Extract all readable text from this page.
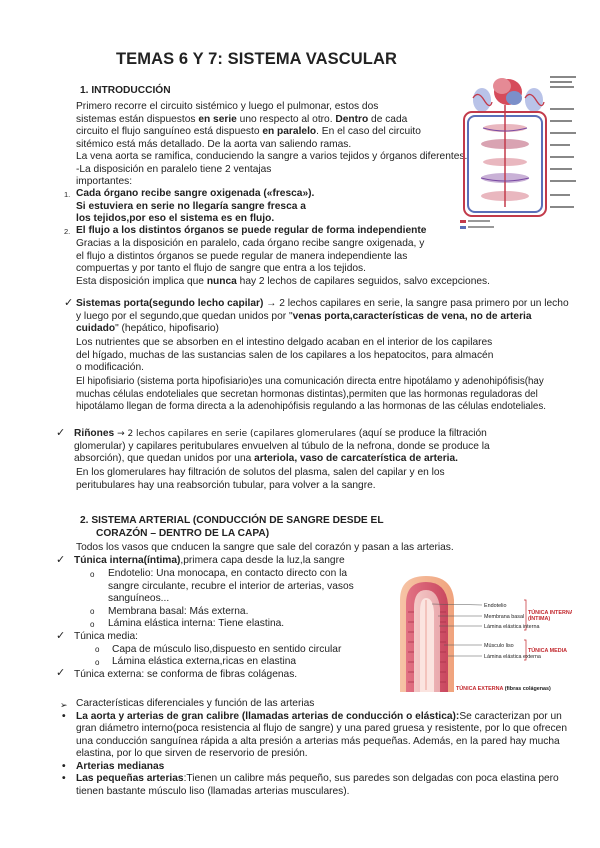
TEMAS 6 Y 7: SISTEMA VASCULAR
1. INTRODUCCIÓN
Primero recorre el circuito sistémico y luego el pulmonar, estos dos
sistemas están dispuestos en serie uno respecto al otro. Dentro de cada
circuito el flujo sanguíneo está dispuesto en paralelo. En el caso del circuito
sitémico está más detallado. De la aorta van saliendo ramas.
La vena aorta se ramifica, conduciendo la sangre a varios tejidos y órganos diferentes.
-La disposición en paralelo tiene 2 ventajas
importantes:
1. Cada órgano recibe sangre oxigenada («fresca»).
Si estuviera en serie no llegaría sangre fresca a
los tejidos,por eso el sistema es en flujo.
2. El flujo a los distintos órganos se puede regular de forma independiente
Gracias a la disposición en paralelo, cada órgano recibe sangre oxigenada, y
el flujo a distintos órganos se puede regular de manera independiente las
compuertas y por tanto el flujo de sangre que entra a los tejidos.
Esta disposición implica que nunca hay 2 lechos de capilares seguidos, salvo excepciones.
✓ Sistemas porta(segundo lecho capilar) → 2 lechos capilares en serie, la sangre pasa primero por un lecho
y luego por el segundo,que quedan unidos por "venas porta,características de vena, no de arteria
cuidado" (hepático, hipofisario)
Los nutrientes que se absorben en el intestino delgado acaban en el interior de los capilares
del hígado, muchas de las sustancias salen de los capilares a los hepatocitos, para almacén
o modificación.
El hipofisiario (sistema porta hipofisiario)es una comunicación directa entre hipotálamo y adenohipófisis(hay
muchas células endoteliales que secretan hormonas distintas),permiten que las hormonas reguladoras del
hipotálamo llegan de forma directa a la adenohipófisis regulando a las hormonas de las células endoteliales.
✓ Riñones → 2 lechos capilares en serie (capilares glomerulares (aquí se produce la filtración
glomerular) y capilares peritubulares envuelven al túbulo de la nefrona, donde se produce la
absorción), que quedan unidos por una arteriola, vaso de carcaterística de arteria.
En los glomerulares hay filtración de solutos del plasma, salen del capilar y en los
peritubulares hay una reabsorción tubular, para volver a la sangre.
2. SISTEMA ARTERIAL (CONDUCCIÓN DE SANGRE DESDE EL
CORAZÓN – DENTRO DE LA CAPA)
Todos los vasos que cnducen la sangre que sale del corazón y pasan a las arterias.
✓ Túnica interna(íntima),primera capa desde la luz,la sangre
o Endotelio: Una monocapa, en contacto directo con la
sangre circulante, recubre el interior de arterias, vasos
sanguíneos...
o Membrana basal: Más externa.
o Lámina elástica interna: Tiene elastina.
✓ Túnica media:
o Capa de músculo liso,dispuesto en sentido circular
o Lámina elástica externa,ricas en elastina
✓ Túnica externa: se conforma de fibras colágenas.
Endotelio
Membrana basal
Lámina elástica interna
Músculo liso
Lámina elástica externa
TÚNICA INTERNA
(ÍNTIMA)
TÚNICA MEDIA
TÚNICA EXTERNA (fibras colágenas)
➢ Características diferenciales y función de las arterias
• La aorta y arterias de gran calibre (llamadas arterias de conducción o elástica):Se caracterizan por un
gran diámetro interno(poca resistencia al flujo de sangre) y una pared gruesa y resistente, por lo que ofrecen
una conducción sanguínea rápida a alta presión a arterias más pequeñas. Además, en la pared hay mucha
elastina, por lo que sirven de reservorio de presión.
• Arterias medianas
• Las pequeñas arterias:Tienen un calibre más pequeño, sus paredes son delgadas con poca elastina pero
tienen bastante músculo liso (llamadas arterias musculares).
